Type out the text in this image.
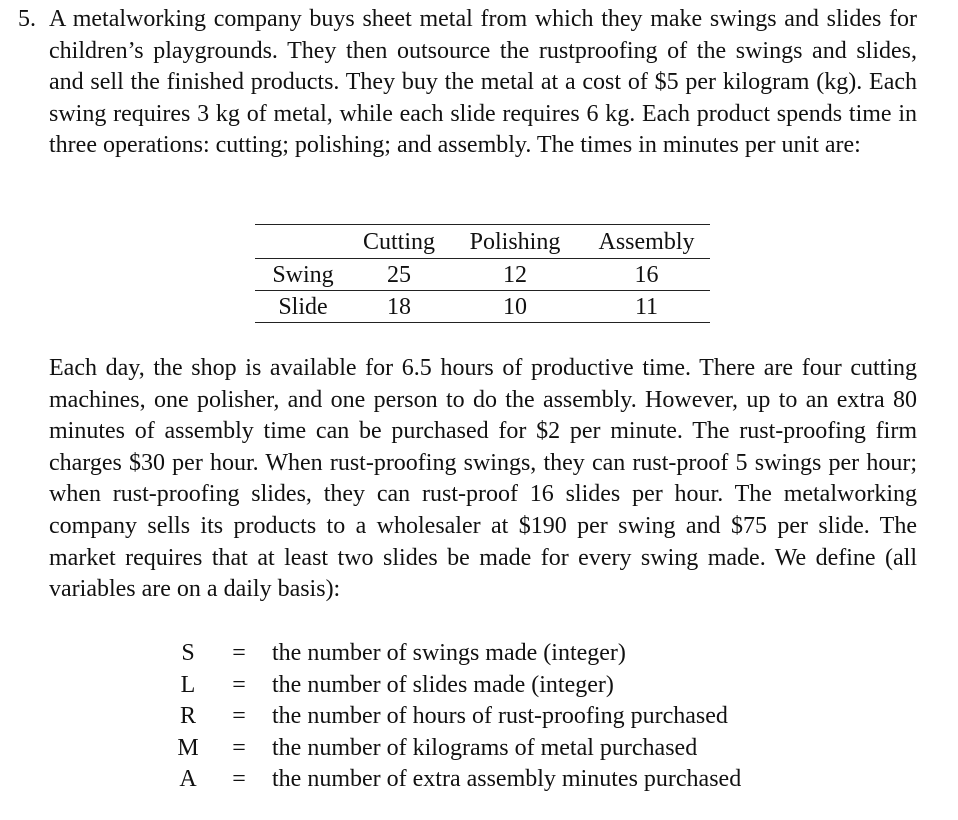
5. A metalworking company buys sheet metal from which they make swings and slides for children’s playgrounds. They then outsource the rustproofing of the swings and slides, and sell the finished products. They buy the metal at a cost of $5 per kilogram (kg). Each swing requires 3 kg of metal, while each slide requires 6 kg. Each product spends time in three operations: cutting; polishing; and assembly. The times in minutes per unit are:
	Cutting	Polishing	Assembly
Swing	25	12	16
Slide	18	10	11
Each day, the shop is available for 6.5 hours of productive time. There are four cutting machines, one polisher, and one person to do the assembly. However, up to an extra 80 minutes of assembly time can be purchased for $2 per minute. The rust-proofing firm charges $30 per hour. When rust-proofing swings, they can rust-proof 5 swings per hour; when rust-proofing slides, they can rust-proof 16 slides per hour. The metalworking company sells its products to a wholesaler at $190 per swing and $75 per slide. The market requires that at least two slides be made for every swing made. We define (all variables are on a daily basis):
S = the number of swings made (integer)
L = the number of slides made (integer)
R = the number of hours of rust-proofing purchased
M = the number of kilograms of metal purchased
A = the number of extra assembly minutes purchased
